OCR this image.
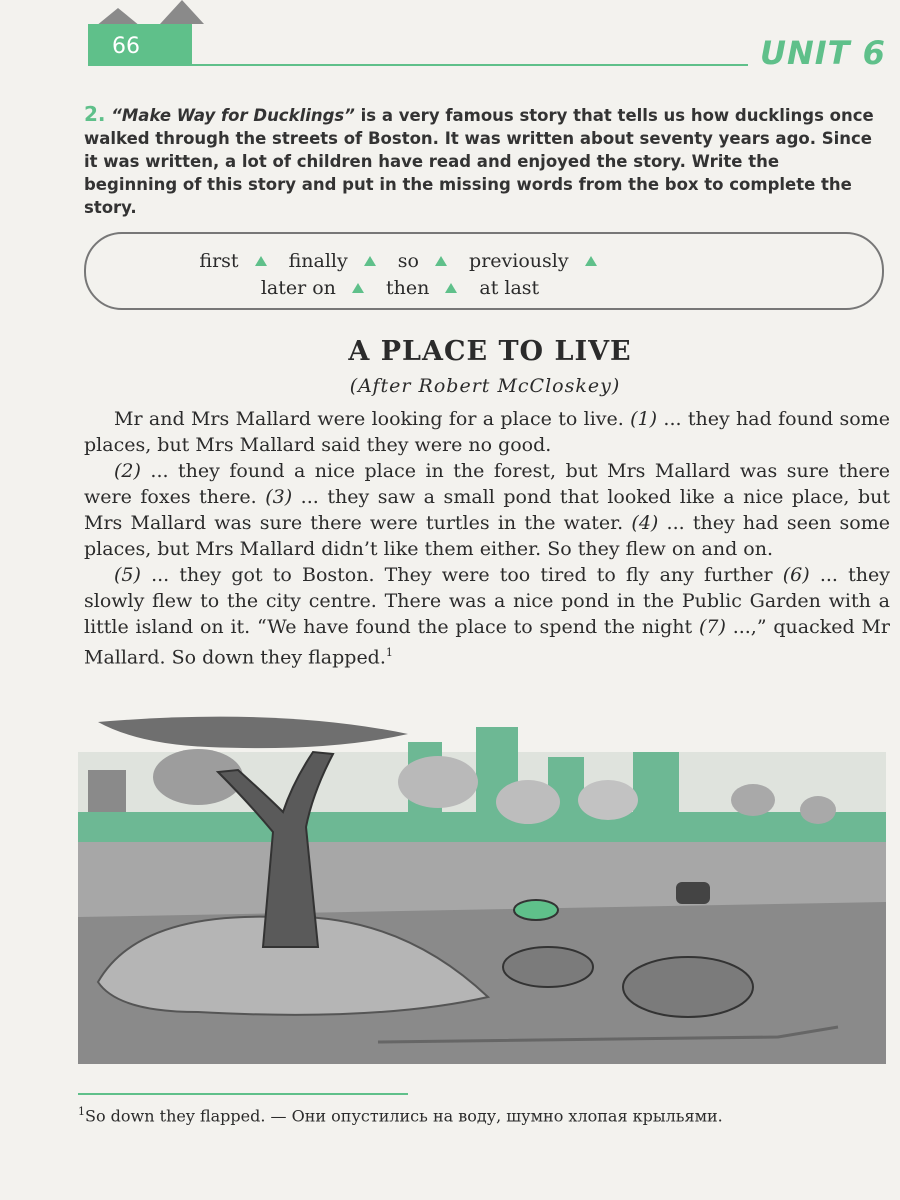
66	UNIT 6
2. “Make Way for Ducklings” is a very famous story that tells us how ducklings once walked through the streets of Boston. It was written about seventy years ago. Since it was written, a lot of children have read and enjoyed the story. Write the beginning of this story and put in the missing words from the box to complete the story.
first	finally	so	previously
later on	then	at last
A PLACE TO LIVE
(After Robert McCloskey)

Mr and Mrs Mallard were looking for a place to live. (1) ... they had found some places, but Mrs Mallard said they were no good.

(2) ... they found a nice place in the forest, but Mrs Mallard was sure there were foxes there. (3) ... they saw a small pond that looked like a nice place, but Mrs Mallard was sure there were turtles in the water. (4) ... they had seen some places, but Mrs Mallard didn’t like them either. So they flew on and on.

(5) ... they got to Boston. They were too tired to fly any further (6) ... they slowly flew to the city centre. There was a nice pond in the Public Garden with a little island on it. “We have found the place to spend the night (7) ...,” quacked Mr Mallard. So down they flapped.$^1$

$^1$So down they flapped. — Они опустились на воду, шумно хлопая крыльями.
